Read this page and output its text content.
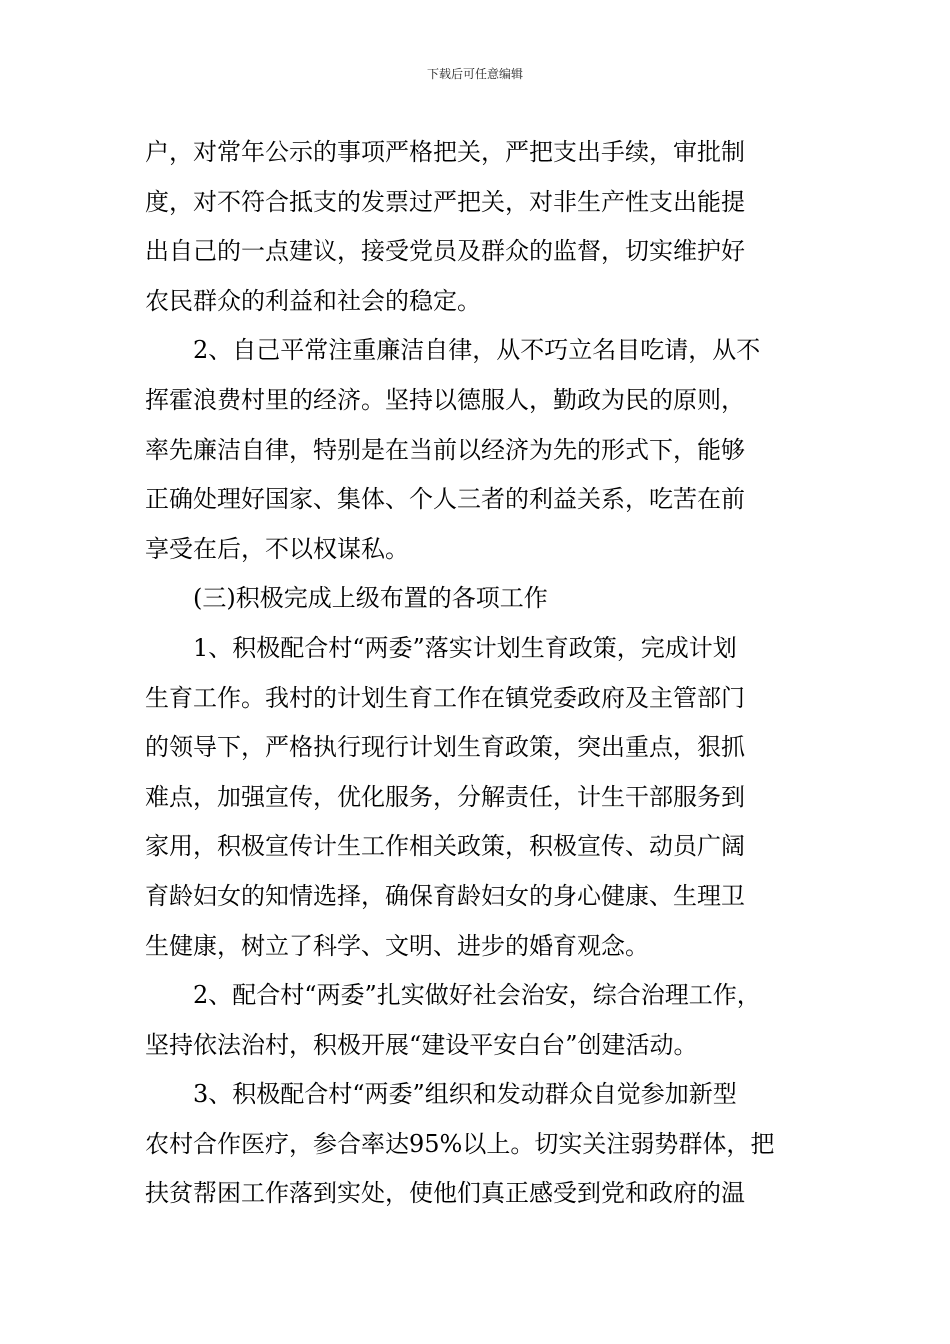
下载后可任意编辑
户，对常年公示的事项严格把关，严把支出手续，审批制
度，对不符合抵支的发票过严把关，对非生产性支出能提
出自己的一点建议，接受党员及群众的监督，切实维护好
农民群众的利益和社会的稳定。
2、自己平常注重廉洁自律，从不巧立名目吃请，从不
挥霍浪费村里的经济。坚持以德服人，勤政为民的原则，
率先廉洁自律，特别是在当前以经济为先的形式下，能够
正确处理好国家、集体、个人三者的利益关系，吃苦在前
享受在后，不以权谋私。
(三)积极完成上级布置的各项工作
1、积极配合村“两委”落实计划生育政策，完成计划
生育工作。我村的计划生育工作在镇党委政府及主管部门
的领导下，严格执行现行计划生育政策，突出重点，狠抓
难点，加强宣传，优化服务，分解责任，计生干部服务到
家用，积极宣传计生工作相关政策，积极宣传、动员广阔
育龄妇女的知情选择，确保育龄妇女的身心健康、生理卫
生健康，树立了科学、文明、进步的婚育观念。
2、配合村“两委”扎实做好社会治安，综合治理工作，
坚持依法治村，积极开展“建设平安白台”创建活动。
3、积极配合村“两委”组织和发动群众自觉参加新型
农村合作医疗，参合率达95%以上。切实关注弱势群体，把
扶贫帮困工作落到实处，使他们真正感受到党和政府的温
